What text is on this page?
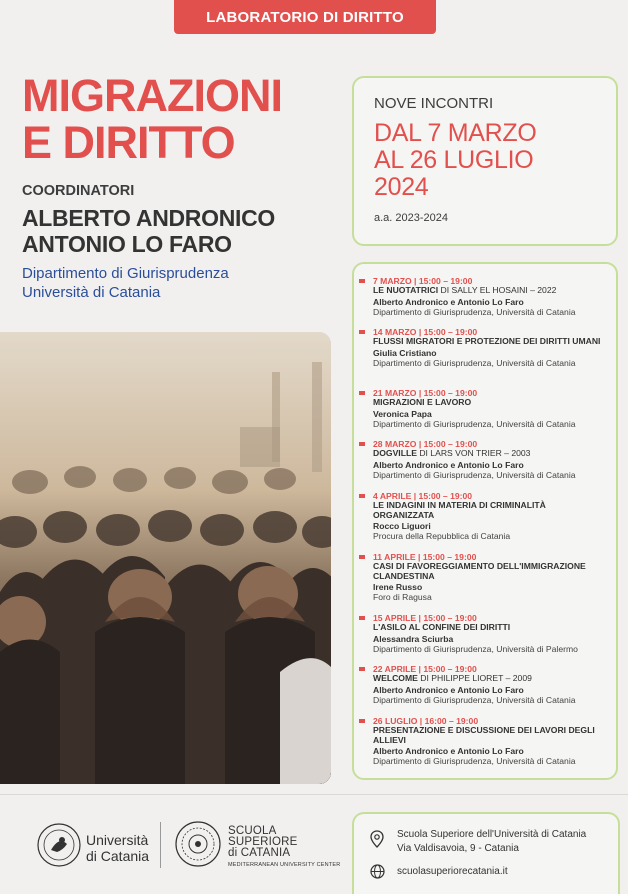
LABORATORIO DI DIRITTO
MIGRAZIONI
E DIRITTO
COORDINATORI
ALBERTO ANDRONICO
ANTONIO LO FARO
Dipartimento di Giurisprudenza
Università di Catania
NOVE INCONTRI
DAL 7 MARZO
AL 26 LUGLIO
2024
a.a. 2023-2024
7 MARZO | 15:00 – 19:00
LE NUOTATRICI DI SALLY EL HOSAINI – 2022
Alberto Andronico e Antonio Lo Faro
Dipartimento di Giurisprudenza, Università di Catania
14 MARZO | 15:00 – 19:00
FLUSSI MIGRATORI E PROTEZIONE DEI DIRITTI UMANI
Giulia Cristiano
Dipartimento di Giurisprudenza, Università di Catania
21 MARZO | 15:00 – 19:00
MIGRAZIONI E LAVORO
Veronica Papa
Dipartimento di Giurisprudenza, Università di Catania
28 MARZO | 15:00 – 19:00
DOGVILLE DI LARS VON TRIER – 2003
Alberto Andronico e Antonio Lo Faro
Dipartimento di Giurisprudenza, Università di Catania
4 APRILE | 15:00 – 19:00
LE INDAGINI IN MATERIA DI CRIMINALITÀ ORGANIZZATA
Rocco Liguori
Procura della Repubblica di Catania
11 APRILE | 15:00 – 19:00
CASI DI FAVOREGGIAMENTO DELL'IMMIGRAZIONE CLANDESTINA
Irene Russo
Foro di Ragusa
15 APRILE | 15:00 – 19:00
L'ASILO AL CONFINE DEI DIRITTI
Alessandra Sciurba
Dipartimento di Giurisprudenza, Università di Palermo
22 APRILE | 15:00 – 19:00
WELCOME DI PHILIPPE LIORET – 2009
Alberto Andronico e Antonio Lo Faro
Dipartimento di Giurisprudenza, Università di Catania
26 LUGLIO | 16:00 – 19:00
PRESENTAZIONE E DISCUSSIONE DEI LAVORI DEGLI ALLIEVI
Alberto Andronico e Antonio Lo Faro
Dipartimento di Giurisprudenza, Università di Catania
Università
di Catania
SCUOLA
SUPERIORE
di CATANIA
MEDITERRANEAN UNIVERSITY CENTER
Scuola Superiore dell'Università di Catania
Via Valdisavoia, 9 - Catania
scuolasuperiorecatania.it
